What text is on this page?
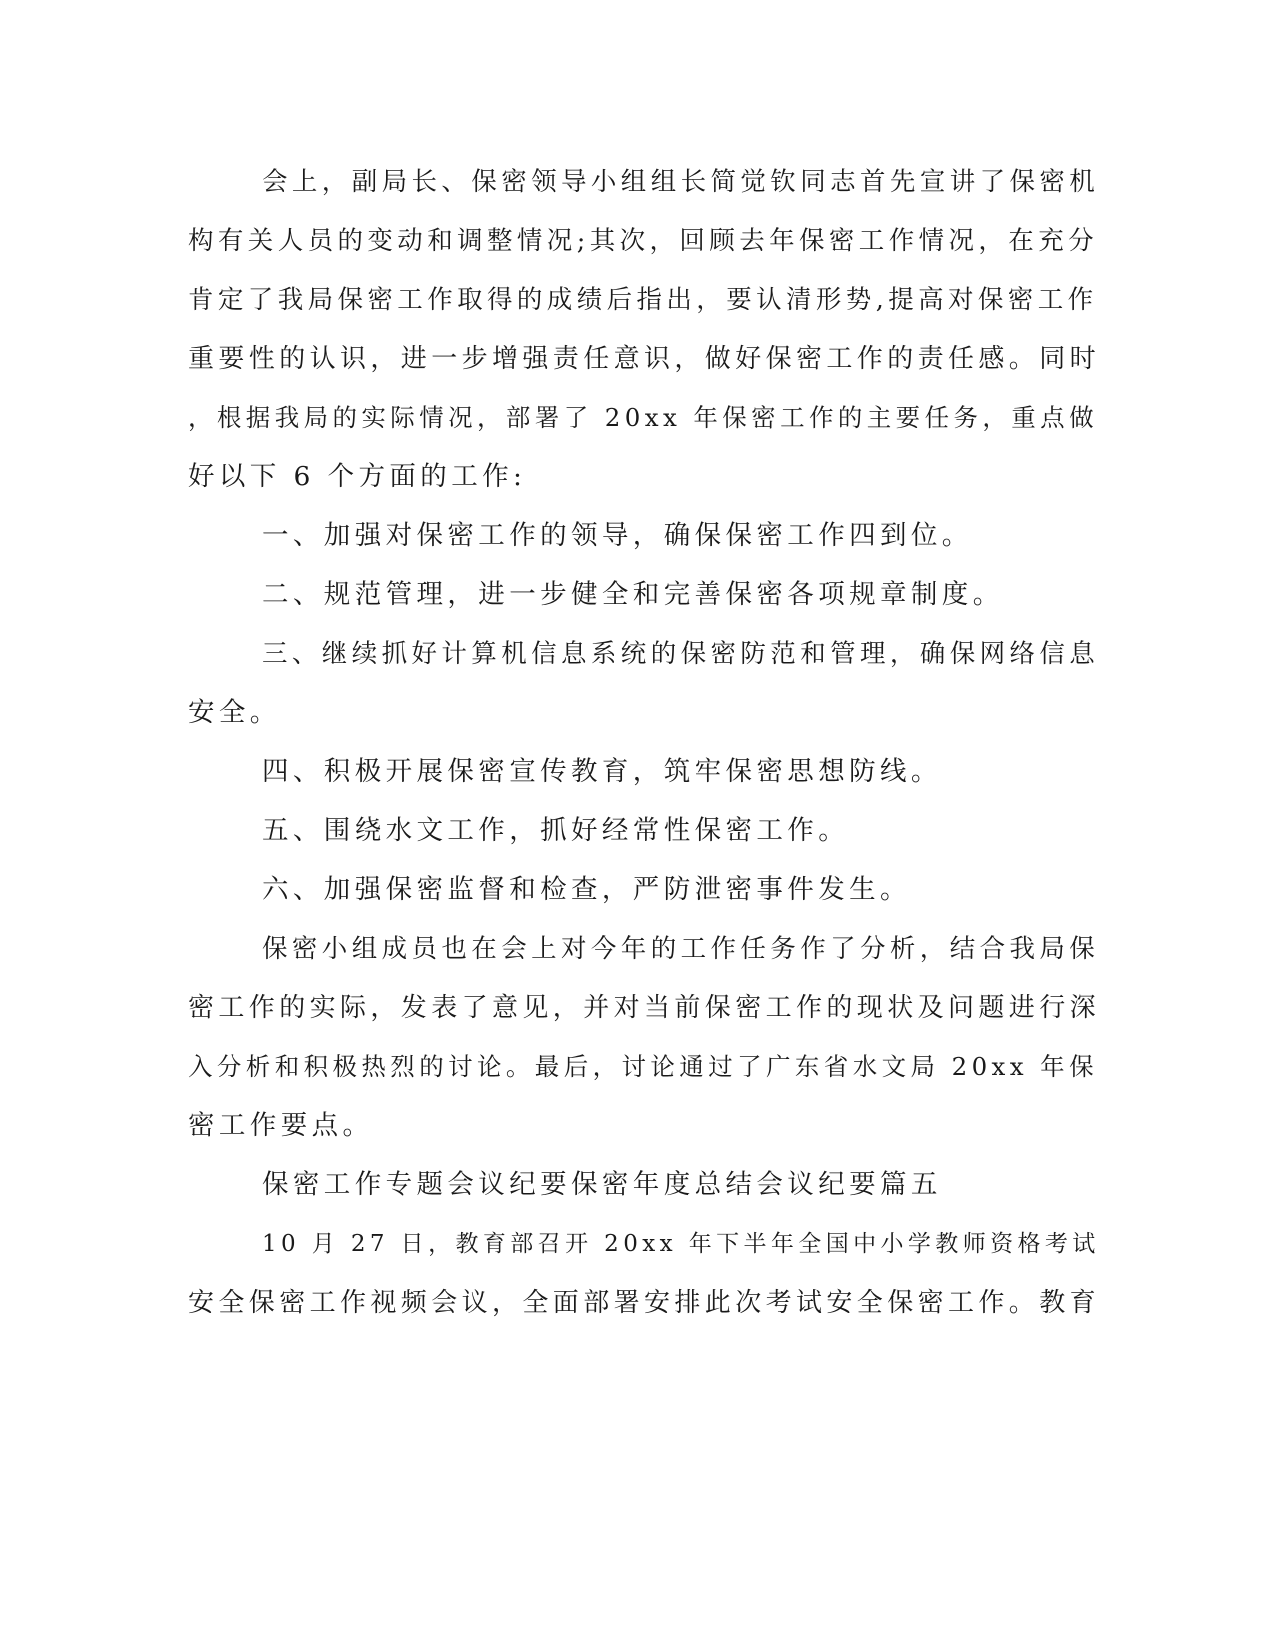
会上，副局长、保密领导小组组长简觉钦同志首先宣讲了保密机

构有关人员的变动和调整情况;其次，回顾去年保密工作情况，在充分

肯定了我局保密工作取得的成绩后指出，要认清形势,提高对保密工作

重要性的认识，进一步增强责任意识，做好保密工作的责任感。同时

，根据我局的实际情况，部署了 20xx 年保密工作的主要任务，重点做

好以下 6 个方面的工作:

一、加强对保密工作的领导，确保保密工作四到位。

二、规范管理，进一步健全和完善保密各项规章制度。

三、继续抓好计算机信息系统的保密防范和管理，确保网络信息

安全。

四、积极开展保密宣传教育，筑牢保密思想防线。

五、围绕水文工作，抓好经常性保密工作。

六、加强保密监督和检查，严防泄密事件发生。

保密小组成员也在会上对今年的工作任务作了分析，结合我局保

密工作的实际，发表了意见，并对当前保密工作的现状及问题进行深

入分析和积极热烈的讨论。最后，讨论通过了广东省水文局 20xx 年保

密工作要点。

保密工作专题会议纪要保密年度总结会议纪要篇五

10 月 27 日，教育部召开 20xx 年下半年全国中小学教师资格考试

安全保密工作视频会议，全面部署安排此次考试安全保密工作。教育
